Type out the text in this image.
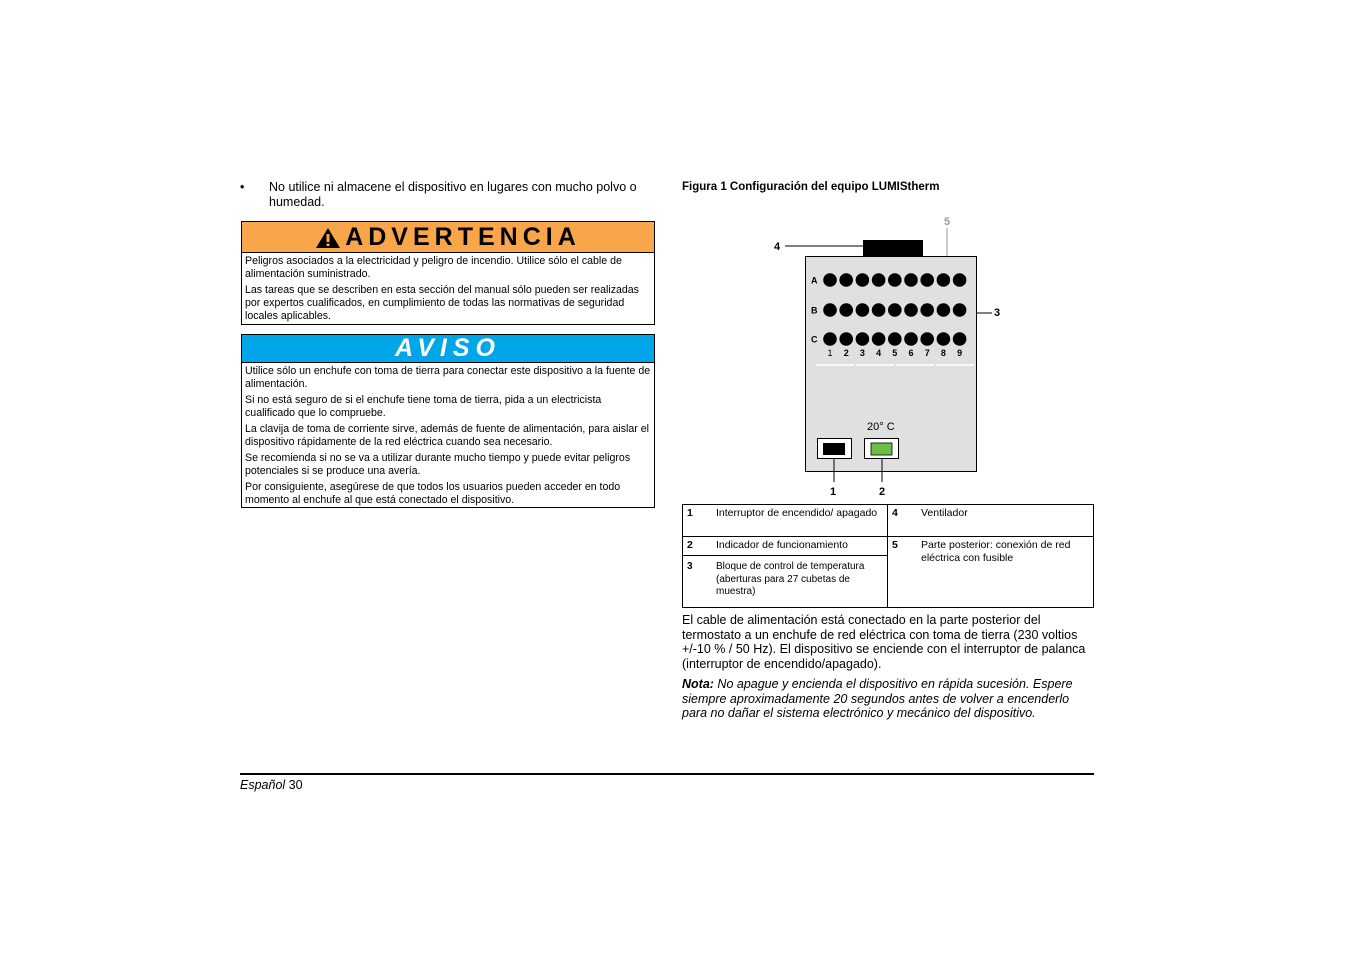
• No utilice ni almacene el dispositivo en lugares con mucho polvo o humedad.
ADVERTENCIA

Peligros asociados a la electricidad y peligro de incendio. Utilice sólo el cable de alimentación suministrado.

Las tareas que se describen en esta sección del manual sólo pueden ser realizadas por expertos cualificados, en cumplimiento de todas las normativas de seguridad locales aplicables.

AVISO

Utilice sólo un enchufe con toma de tierra para conectar este dispositivo a la fuente de alimentación.

Si no está seguro de si el enchufe tiene toma de tierra, pida a un electricista cualificado que lo compruebe.

La clavija de toma de corriente sirve, además de fuente de alimentación, para aislar el dispositivo rápidamente de la red eléctrica cuando sea necesario.

Se recomienda si no se va a utilizar durante mucho tiempo y puede evitar peligros potenciales si se produce una avería.

Por consiguiente, asegúrese de que todos los usuarios pueden acceder en todo momento al enchufe al que está conectado el dispositivo.

Figura 1 Configuración del equipo LUMIStherm
4
5
A
B
C
1 2 3 4 5 6 7 8 9
3
20° C
1	2
1 Interruptor de encendido/ apagado
2 Indicador de funcionamiento
3 Bloque de control de temperatura (aberturas para 27 cubetas de muestra)
4 Ventilador
5 Parte posterior: conexión de red eléctrica con fusible
El cable de alimentación está conectado en la parte posterior del termostato a un enchufe de red eléctrica con toma de tierra (230 voltios +/-10 % / 50 Hz). El dispositivo se enciende con el interruptor de palanca (interruptor de encendido/apagado).
Nota: No apague y encienda el dispositivo en rápida sucesión. Espere siempre aproximadamente 20 segundos antes de volver a encenderlo para no dañar el sistema electrónico y mecánico del dispositivo.
Español 30
